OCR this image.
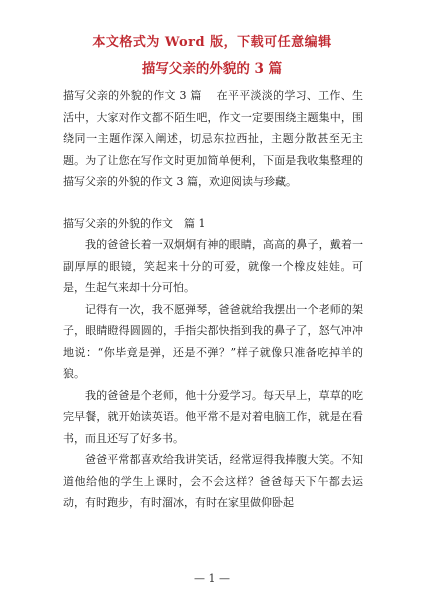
本文格式为 Word 版，下载可任意编辑
描写父亲的外貌的 3 篇

描写父亲的外貌的作文 3 篇　 在平平淡淡的学习、工作、生活中，大家对作文都不陌生吧，作文一定要围绕主题集中，围绕同一主题作深入阐述，切忌东拉西扯，主题分散甚至无主题。为了让您在写作文时更加简单便利，下面是我收集整理的描写父亲的外貌的作文 3 篇，欢迎阅读与珍藏。

描写父亲的外貌的作文　篇 1

我的爸爸长着一双炯炯有神的眼睛，高高的鼻子，戴着一副厚厚的眼镜，笑起来十分的可爱，就像一个橡皮娃娃。可是，生起气来却十分可怕。

记得有一次，我不愿弹琴，爸爸就给我摆出一个老师的架子，眼睛瞪得圆圆的，手指尖都快指到我的鼻子了，怒气冲冲地说：“你毕竟是弹，还是不弹？”样子就像只准备吃掉羊的狼。

我的爸爸是个老师，他十分爱学习。每天早上，草草的吃完早餐，就开始读英语。他平常不是对着电脑工作，就是在看书，而且还写了好多书。

爸爸平常都喜欢给我讲笑话，经常逗得我捧腹大笑。不知道他给他的学生上课时，会不会这样？爸爸每天下午都去运动，有时跑步，有时溜冰，有时在家里做仰卧起

— 1 —
